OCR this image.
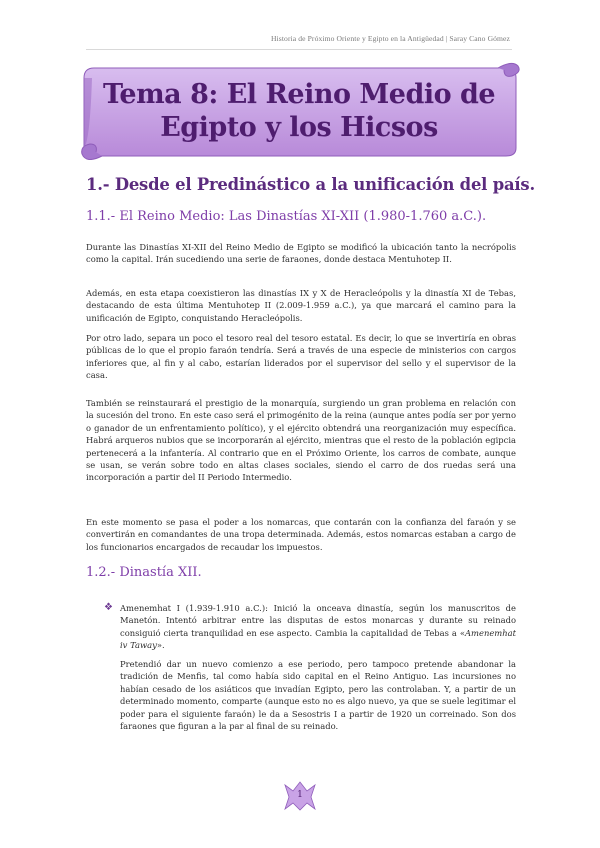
Historia de Próximo Oriente y Egipto en la Antigüedad | Saray Cano Gómez
Tema 8: El Reino Medio de Egipto y los Hicsos
1.- Desde el Predinástico a la unificación del país.
1.1.- El Reino Medio: Las Dinastías XI-XII (1.980-1.760 a.C.).
Durante las Dinastías XI-XII del Reino Medio de Egipto se modificó la ubicación tanto la necrópolis como la capital. Irán sucediendo una serie de faraones, donde destaca Mentuhotep II.
Además, en esta etapa coexistieron las dinastías IX y X de Heracleópolis y la dinastía XI de Tebas, destacando de esta última Mentuhotep II (2.009-1.959 a.C.), ya que marcará el camino para la unificación de Egipto, conquistando Heracleópolis.
Por otro lado, separa un poco el tesoro real del tesoro estatal. Es decir, lo que se invertiría en obras públicas de lo que el propio faraón tendría. Será a través de una especie de ministerios con cargos inferiores que, al fin y al cabo, estarían liderados por el supervisor del sello y el supervisor de la casa.
También se reinstaurará el prestigio de la monarquía, surgiendo un gran problema en relación con la sucesión del trono. En este caso será el primogénito de la reina (aunque antes podía ser por yerno o ganador de un enfrentamiento político), y el ejército obtendrá una reorganización muy específica. Habrá arqueros nubios que se incorporarán al ejército, mientras que el resto de la población egipcia pertenecerá a la infantería. Al contrario que en el Próximo Oriente, los carros de combate, aunque se usan, se verán sobre todo en altas clases sociales, siendo el carro de dos ruedas será una incorporación a partir del II Periodo Intermedio.
En este momento se pasa el poder a los nomarcas, que contarán con la confianza del faraón y se convertirán en comandantes de una tropa determinada. Además, estos nomarcas estaban a cargo de los funcionarios encargados de recaudar los impuestos.
1.2.- Dinastía XII.
❖ Amenemhat I (1.939-1.910 a.C.): Inició la onceava dinastía, según los manuscritos de Manetón. Intentó arbitrar entre las disputas de estos monarcas y durante su reinado consiguió cierta tranquilidad en ese aspecto. Cambia la capitalidad de Tebas a «Amenemhat iv Taway».
Pretendió dar un nuevo comienzo a ese periodo, pero tampoco pretende abandonar la tradición de Menfis, tal como había sido capital en el Reino Antiguo. Las incursiones no habían cesado de los asiáticos que invadían Egipto, pero las controlaban. Y, a partir de un determinado momento, comparte (aunque esto no es algo nuevo, ya que se suele legitimar el poder para el siguiente faraón) le da a Sesostris I a partir de 1920 un correinado. Son dos faraones que figuran a la par al final de su reinado.
1
